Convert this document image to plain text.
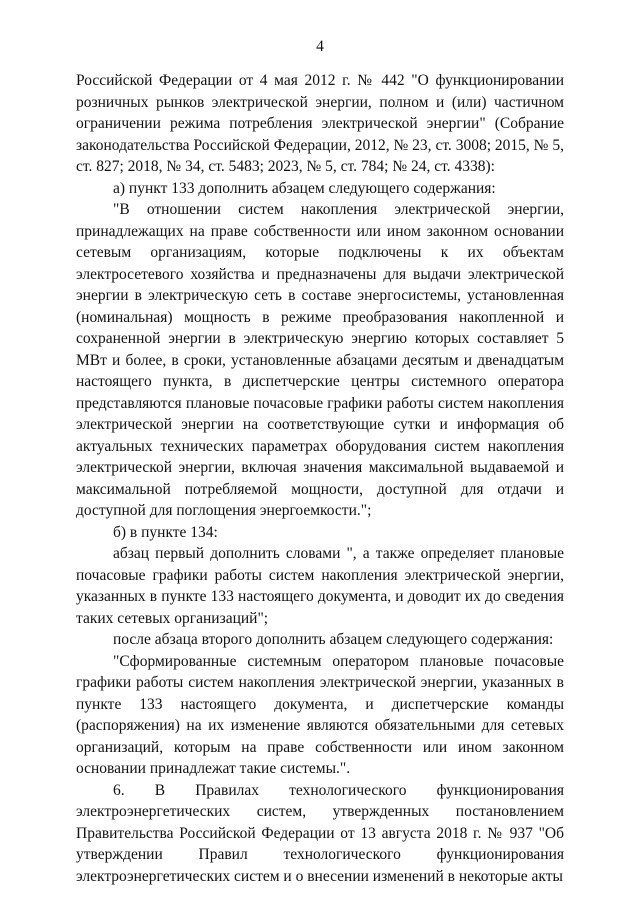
4

Российской Федерации от 4 мая 2012 г. № 442 "О функционировании розничных рынков электрической энергии, полном и (или) частичном ограничении режима потребления электрической энергии" (Собрание законодательства Российской Федерации, 2012, № 23, ст. 3008; 2015, № 5, ст. 827; 2018, № 34, ст. 5483; 2023, № 5, ст. 784; № 24, ст. 4338):

а) пункт 133 дополнить абзацем следующего содержания:

"В отношении систем накопления электрической энергии, принадлежащих на праве собственности или ином законном основании сетевым организациям, которые подключены к их объектам электросетевого хозяйства и предназначены для выдачи электрической энергии в электрическую сеть в составе энергосистемы, установленная (номинальная) мощность в режиме преобразования накопленной и сохраненной энергии в электрическую энергию которых составляет 5 МВт и более, в сроки, установленные абзацами десятым и двенадцатым настоящего пункта, в диспетчерские центры системного оператора представляются плановые почасовые графики работы систем накопления электрической энергии на соответствующие сутки и информация об актуальных технических параметрах оборудования систем накопления электрической энергии, включая значения максимальной выдаваемой и максимальной потребляемой мощности, доступной для отдачи и доступной для поглощения энергоемкости.";

б) в пункте 134:

абзац первый дополнить словами ", а также определяет плановые почасовые графики работы систем накопления электрической энергии, указанных в пункте 133 настоящего документа, и доводит их до сведения таких сетевых организаций";

после абзаца второго дополнить абзацем следующего содержания:

"Сформированные системным оператором плановые почасовые графики работы систем накопления электрической энергии, указанных в пункте 133 настоящего документа, и диспетчерские команды (распоряжения) на их изменение являются обязательными для сетевых организаций, которым на праве собственности или ином законном основании принадлежат такие системы.".

6. В Правилах технологического функционирования электроэнергетических систем, утвержденных постановлением Правительства Российской Федерации от 13 августа 2018 г. № 937 "Об утверждении Правил технологического функционирования электроэнергетических систем и о внесении изменений в некоторые акты
